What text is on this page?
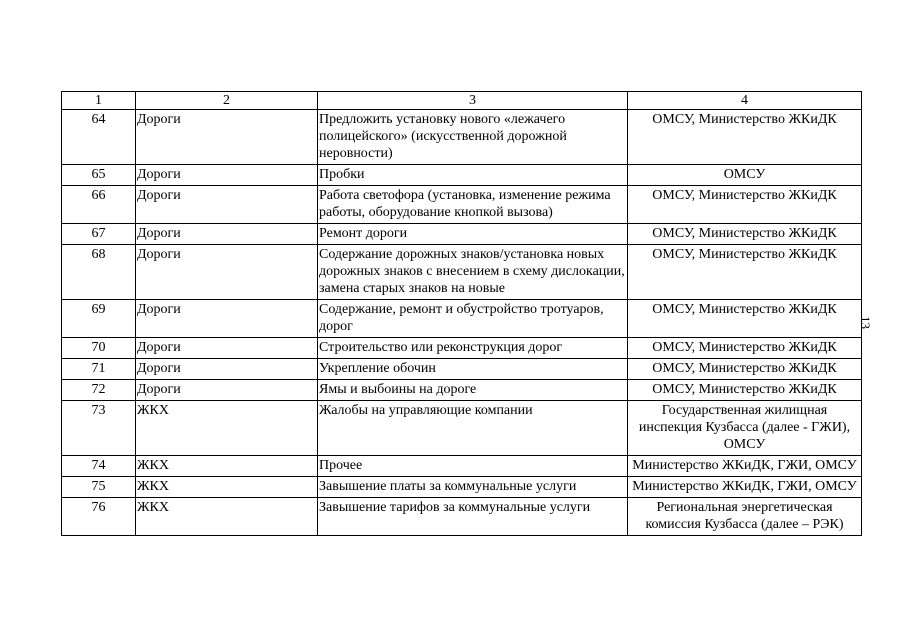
1	2	3	4
64	Дороги	Предложить установку нового «лежачего полицейского» (искусственной дорожной неровности)	ОМСУ, Министерство ЖКиДК
65	Дороги	Пробки	ОМСУ
66	Дороги	Работа светофора (установка, изменение режима работы, оборудование кнопкой вызова)	ОМСУ, Министерство ЖКиДК
67	Дороги	Ремонт дороги	ОМСУ, Министерство ЖКиДК
68	Дороги	Содержание дорожных знаков/установка новых дорожных знаков с внесением в схему дислокации, замена старых знаков на новые	ОМСУ, Министерство ЖКиДК
69	Дороги	Содержание, ремонт и обустройство тротуаров, дорог	ОМСУ, Министерство ЖКиДК
70	Дороги	Строительство или реконструкция дорог	ОМСУ, Министерство ЖКиДК
71	Дороги	Укрепление обочин	ОМСУ, Министерство ЖКиДК
72	Дороги	Ямы и выбоины на дороге	ОМСУ, Министерство ЖКиДК
73	ЖКХ	Жалобы на управляющие компании	Государственная жилищная инспекция Кузбасса (далее - ГЖИ), ОМСУ
74	ЖКХ	Прочее	Министерство ЖКиДК, ГЖИ, ОМСУ
75	ЖКХ	Завышение платы за коммунальные услуги	Министерство ЖКиДК, ГЖИ, ОМСУ
76	ЖКХ	Завышение тарифов за коммунальные услуги	Региональная энергетическая комиссия Кузбасса (далее – РЭК)
13
